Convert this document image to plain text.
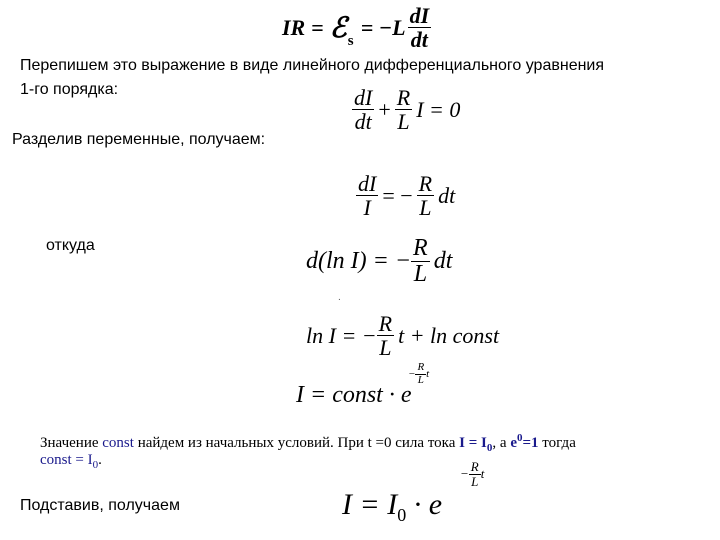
IR = ℰ s
= $-L \frac{dI}{dt}$
Перепишем это выражение в виде линейного дифференциального уравнения
1-го порядка:	$\frac{dI}{dt} + \frac{R}{L}$ I = 0
Разделив переменные, получаем:
$\frac{dI}{I}$ = − $\frac{R}{L}$ dt
откуда
d(ln I) = − $\frac{R}{L}$ dt
.
ln I = − $\frac{R}{L}$ t + ln const
I = const · e
− $\frac{R}{L}$ t
Значение const найдем из начальных условий. При t =0 сила тока $I = I_0$, а $e^0=1$ тогда
const = $I_0$.
Подставив, получаем	$I = I_0 \cdot e$
− $\frac{R}{L}$ t
